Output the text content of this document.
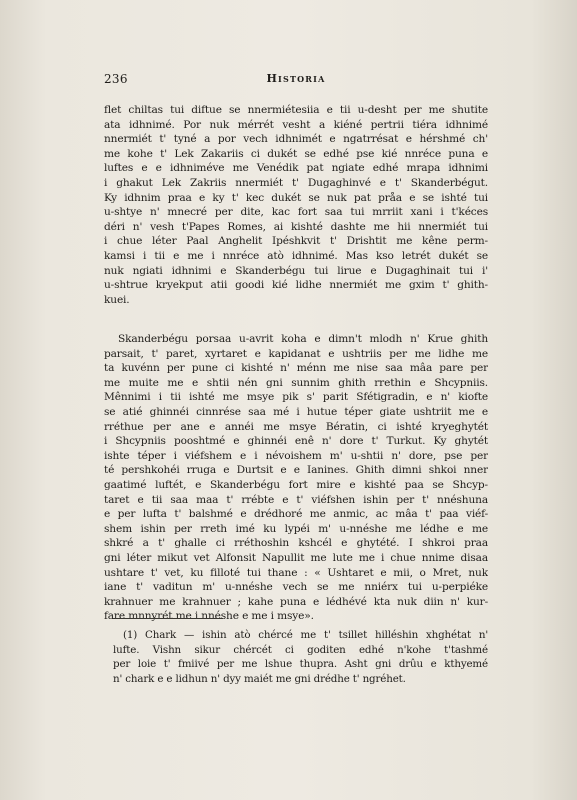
236	Historia
flet chiltas tui diftue se nnermiétesiia e tii u-desht per me shutite
ata idhnimé. Por nuk mérrét vesht a kiéné pertrii tiéra idhnimé
nnermiét t' tyné a por vech idhnimét e ngatrrésat e hérshmé ch'
me kohe t' Lek Zakariis ci dukét se edhé pse kié nnréce puna e
luftes e e idhniméve me Venédik pat ngiate edhé mrapa idhnimi
i ghakut Lek Zakriis nnermiét t' Dugaghinvé e t' Skanderbégut.
Ky idhnim praa e ky t' kec dukét se nuk pat pråa e se ishté tui
u-shtye n' mnecré per dite, kac fort saa tui mrriit xani i t'kéces
déri n' vesh t'Papes Romes, ai kishté dashte me hii nnermiét tui
i chue léter Paal Anghelit Ipéshkvit t' Drishtit me kêne perm-
kamsi i tii e me i nnréce atò idhnimé. Mas kso letrét dukét se
nuk ngiati idhnimi e Skanderbégu tui lirue e Dugaghinait tui i'
u-shtrue kryekput atii goodi kié lidhe nnermiét me gxim t' ghith-
kuei.
Skanderbégu porsaa u-avrit koha e dimn't mlodh n' Krue ghith
parsait, t' paret, xyrtaret e kapidanat e ushtriis per me lidhe me
ta kuvénn per pune ci kishté n' ménn me nise saa mâa pare per
me muite me e shtii nén gni sunnim ghith rrethin e Shcypniis.
Mênnimi i tii ishté me msye pik s' parit Sfétigradin, e n' kiofte
se atié ghinnéi cinnrése saa mé i hutue téper giate ushtriit me e
rréthue per ane e annéi me msye Bératin, ci ishté kryeghytét
i Shcypniis pooshtmé e ghinnéi enê n' dore t' Turkut. Ky ghytét
ishte téper i viéfshem e i névoishem m' u-shtii n' dore, pse per
té pershkohéi rruga e Durtsit e e Ianines. Ghith dimni shkoi nner
gaatimé luftét, e Skanderbégu fort mire e kishté paa se Shcyp-
taret e tii saa maa t' rrébte e t' viéfshen ishin per t' nnéshuna
e per lufta t' balshmé e drédhoré me anmic, ac mâa t' paa viéf-
shem ishin per rreth imé ku lypéi m' u-nnéshe me lédhe e me
shkré a t' ghalle ci rréthoshin kshcél e ghytété. I shkroi praa
gni léter mikut vet Alfonsit Napullit me lute me i chue nnime disaa
ushtare t' vet, ku filloté tui thane : « Ushtaret e mii, o Mret, nuk
iane t' vaditun m' u-nnéshe vech se me nniérx tui u-perpiéke
krahnuer me krahnuer ; kahe puna e lédhévé kta nuk diin n' kur-
fare mnnyrét me i nnéshe e me i msye».
(1) Chark — ishin atò chércé me t' tsillet hilléshin xhghétat n'
lufte. Vishn sikur chércét ci goditen edhé n'kohe t'tashmé
per loie t' fmiivé per me lshue thupra. Asht gni drûu e kthyemé
n' chark e e lidhun n' dyy maiét me gni drédhe t' ngréhet.
